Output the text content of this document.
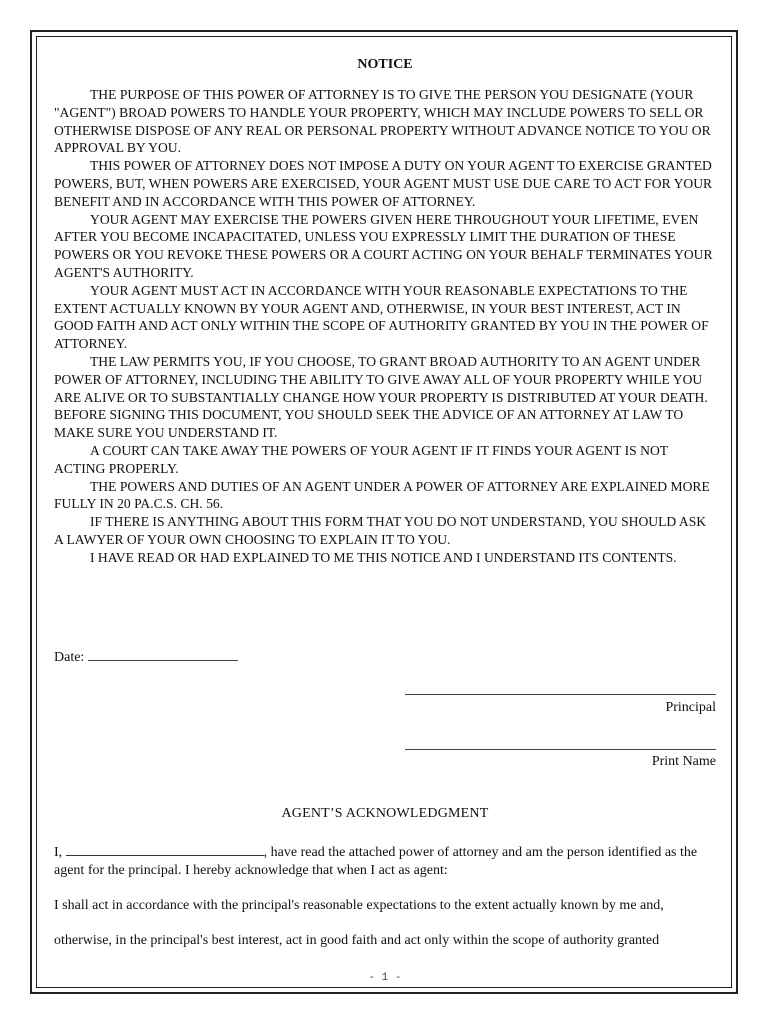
NOTICE

THE PURPOSE OF THIS POWER OF ATTORNEY IS TO GIVE THE PERSON YOU DESIGNATE (YOUR "AGENT") BROAD POWERS TO HANDLE YOUR PROPERTY, WHICH MAY INCLUDE POWERS TO SELL OR OTHERWISE DISPOSE OF ANY REAL OR PERSONAL PROPERTY WITHOUT ADVANCE NOTICE TO YOU OR APPROVAL BY YOU.

THIS POWER OF ATTORNEY DOES NOT IMPOSE A DUTY ON YOUR AGENT TO EXERCISE GRANTED POWERS, BUT, WHEN POWERS ARE EXERCISED, YOUR AGENT MUST USE DUE CARE TO ACT FOR YOUR BENEFIT AND IN ACCORDANCE WITH THIS POWER OF ATTORNEY.

YOUR AGENT MAY EXERCISE THE POWERS GIVEN HERE THROUGHOUT YOUR LIFETIME, EVEN AFTER YOU BECOME INCAPACITATED, UNLESS YOU EXPRESSLY LIMIT THE DURATION OF THESE POWERS OR YOU REVOKE THESE POWERS OR A COURT ACTING ON YOUR BEHALF TERMINATES YOUR AGENT'S AUTHORITY.

YOUR AGENT MUST ACT IN ACCORDANCE WITH YOUR REASONABLE EXPECTATIONS TO THE EXTENT ACTUALLY KNOWN BY YOUR AGENT AND, OTHERWISE, IN YOUR BEST INTEREST, ACT IN GOOD FAITH AND ACT ONLY WITHIN THE SCOPE OF AUTHORITY GRANTED BY YOU IN THE POWER OF ATTORNEY.

THE LAW PERMITS YOU, IF YOU CHOOSE, TO GRANT BROAD AUTHORITY TO AN AGENT UNDER POWER OF ATTORNEY, INCLUDING THE ABILITY TO GIVE AWAY ALL OF YOUR PROPERTY WHILE YOU ARE ALIVE OR TO SUBSTANTIALLY CHANGE HOW YOUR PROPERTY IS DISTRIBUTED AT YOUR DEATH. BEFORE SIGNING THIS DOCUMENT, YOU SHOULD SEEK THE ADVICE OF AN ATTORNEY AT LAW TO MAKE SURE YOU UNDERSTAND IT.

A COURT CAN TAKE AWAY THE POWERS OF YOUR AGENT IF IT FINDS YOUR AGENT IS NOT ACTING PROPERLY.

THE POWERS AND DUTIES OF AN AGENT UNDER A POWER OF ATTORNEY ARE EXPLAINED MORE FULLY IN 20 PA.C.S. CH. 56.

IF THERE IS ANYTHING ABOUT THIS FORM THAT YOU DO NOT UNDERSTAND, YOU SHOULD ASK A LAWYER OF YOUR OWN CHOOSING TO EXPLAIN IT TO YOU.

I HAVE READ OR HAD EXPLAINED TO ME THIS NOTICE AND I UNDERSTAND ITS CONTENTS.

Date:
Principal
Print Name
AGENT’S ACKNOWLEDGMENT
I,	, have read the attached power of attorney and am the person identified as the agent for the principal. I hereby acknowledge that when I act as agent:
I shall act in accordance with the principal's reasonable expectations to the extent actually known by me and,
otherwise, in the principal's best interest, act in good faith and act only within the scope of authority granted
- 1 -
